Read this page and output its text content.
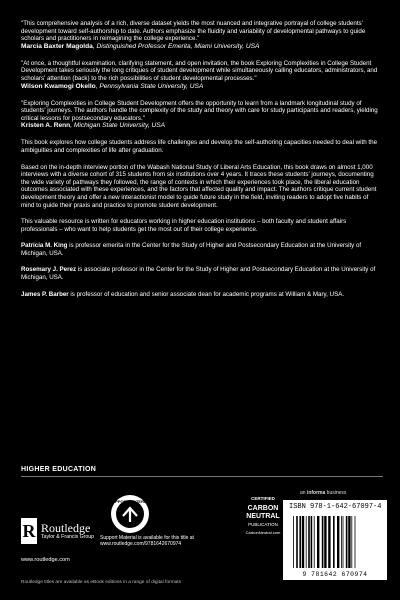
"This comprehensive analysis of a rich, diverse dataset yields the most nuanced and integrative portrayal of college students' development toward self-authorship to date. Authors emphasize the fluidity and variability of developmental pathways to guide scholars and practitioners in reimagining the college experience."

Marcia Baxter Magolda, Distinguished Professor Emerita, Miami University, USA

"At once, a thoughtful examination, clarifying statement, and open invitation, the book Exploring Complexities in College Student Development takes seriously the long critiques of student development while simultaneously calling educators, administrators, and scholars' attention (back) to the rich possibilities of student developmental processes."

Wilson Kwamogi Okello, Pennsylvania State University, USA

"Exploring Complexities in College Student Development offers the opportunity to learn from a landmark longitudinal study of students' journeys. The authors handle the complexity of the study and theory with care for study participants and readers, yielding critical lessons for postsecondary educators."

Kristen A. Renn, Michigan State University, USA

This book explores how college students address life challenges and develop the self-authoring capacities needed to deal with the ambiguities and complexities of life after graduation.

Based on the in-depth interview portion of the Wabash National Study of Liberal Arts Education, this book draws on almost 1,000 interviews with a diverse cohort of 315 students from six institutions over 4 years. It traces these students' journeys, documenting the wide variety of pathways they followed, the range of contexts in which their experiences took place, the liberal education outcomes associated with these experiences, and the factors that affected quality and impact. The authors critique current student development theory and offer a new interactionist model to guide future study in the field, inviting readers to adopt five habits of mind to guide their praxis and practice to promote student development.

This valuable resource is written for educators working in higher education institutions – both faculty and student affairs professionals – who want to help students get the most out of their college experience.

Patricia M. King is professor emerita in the Center for the Study of Higher and Postsecondary Education at the University of Michigan, USA.

Rosemary J. Perez is associate professor in the Center for the Study of Higher and Postsecondary Education at the University of Michigan, USA.

James P. Barber is professor of education and senior associate dean for academic programs at William & Mary, USA.

HIGHER EDUCATION
R Routledge
Taylor & Francis Group
www.routledge.com
Routledge titles are available as eBook editions in a range of digital formats
SUPPORT MATERIAL
Support Material is available for this title at www.routledge.com/9781642670974
CERTIFIED
CARBON
NEUTRAL
PUBLICATION
CarbonNeutral.com
an informa business
ISBN 978-1-642-67097-4
9 781642 670974
